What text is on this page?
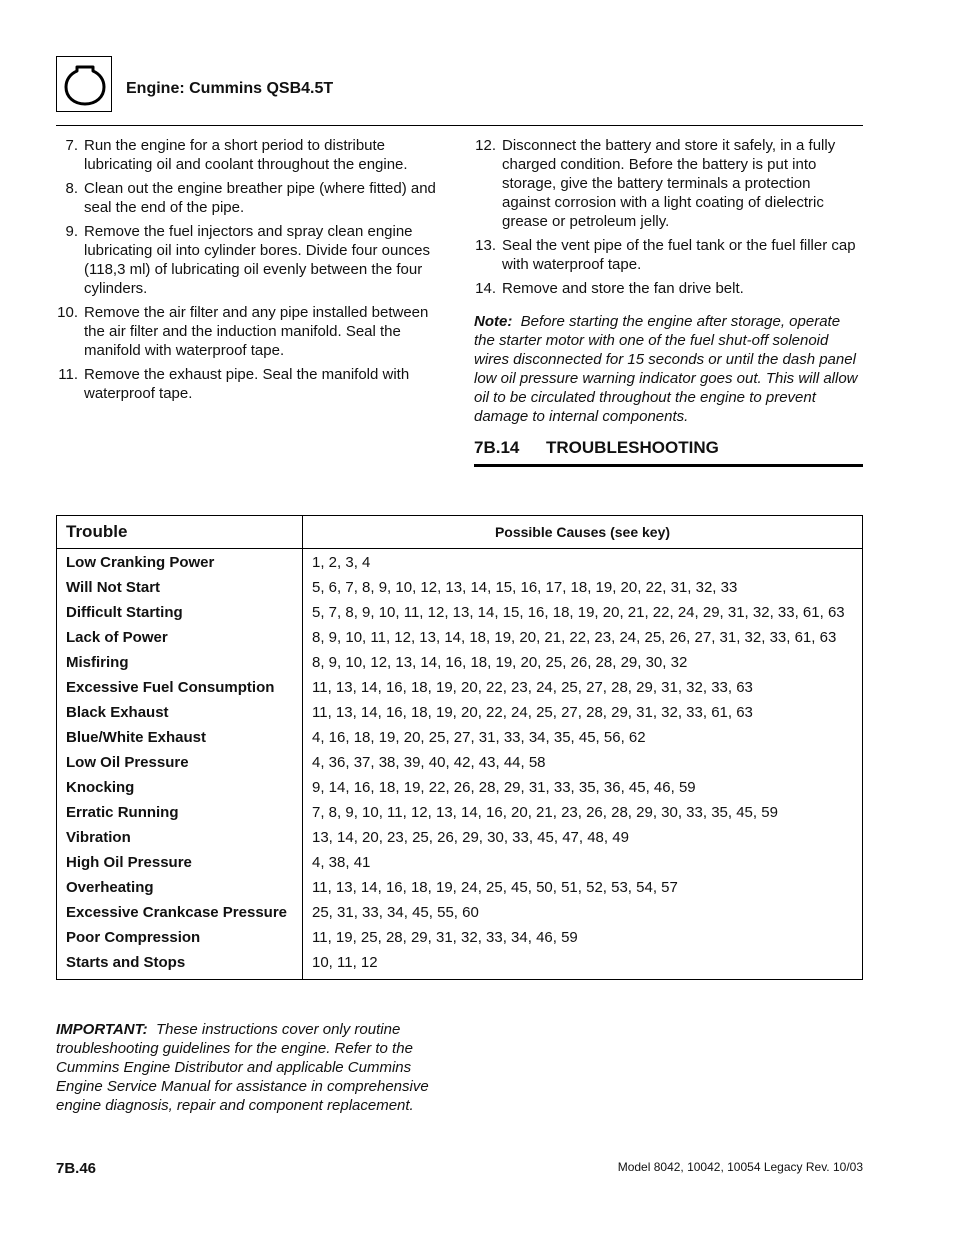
Engine: Cummins QSB4.5T
7. Run the engine for a short period to distribute lubricating oil and coolant throughout the engine.
8. Clean out the engine breather pipe (where fitted) and seal the end of the pipe.
9. Remove the fuel injectors and spray clean engine lubricating oil into cylinder bores. Divide four ounces (118,3 ml) of lubricating oil evenly between the four cylinders.
10. Remove the air filter and any pipe installed between the air filter and the induction manifold. Seal the manifold with waterproof tape.
11. Remove the exhaust pipe. Seal the manifold with waterproof tape.
12. Disconnect the battery and store it safely, in a fully charged condition. Before the battery is put into storage, give the battery terminals a protection against corrosion with a light coating of dielectric grease or petroleum jelly.
13. Seal the vent pipe of the fuel tank or the fuel filler cap with waterproof tape.
14. Remove and store the fan drive belt.
Note: Before starting the engine after storage, operate the starter motor with one of the fuel shut-off solenoid wires disconnected for 15 seconds or until the dash panel low oil pressure warning indicator goes out. This will allow oil to be circulated throughout the engine to prevent damage to internal components.
7B.14 TROUBLESHOOTING
Trouble	Possible Causes (see key)
Low Cranking Power	1, 2, 3, 4
Will Not Start	5, 6, 7, 8, 9, 10, 12, 13, 14, 15, 16, 17, 18, 19, 20, 22, 31, 32, 33
Difficult Starting	5, 7, 8, 9, 10, 11, 12, 13, 14, 15, 16, 18, 19, 20, 21, 22, 24, 29, 31, 32, 33, 61, 63
Lack of Power	8, 9, 10, 11, 12, 13, 14, 18, 19, 20, 21, 22, 23, 24, 25, 26, 27, 31, 32, 33, 61, 63
Misfiring	8, 9, 10, 12, 13, 14, 16, 18, 19, 20, 25, 26, 28, 29, 30, 32
Excessive Fuel Consumption	11, 13, 14, 16, 18, 19, 20, 22, 23, 24, 25, 27, 28, 29, 31, 32, 33, 63
Black Exhaust	11, 13, 14, 16, 18, 19, 20, 22, 24, 25, 27, 28, 29, 31, 32, 33, 61, 63
Blue/White Exhaust	4, 16, 18, 19, 20, 25, 27, 31, 33, 34, 35, 45, 56, 62
Low Oil Pressure	4, 36, 37, 38, 39, 40, 42, 43, 44, 58
Knocking	9, 14, 16, 18, 19, 22, 26, 28, 29, 31, 33, 35, 36, 45, 46, 59
Erratic Running	7, 8, 9, 10, 11, 12, 13, 14, 16, 20, 21, 23, 26, 28, 29, 30, 33, 35, 45, 59
Vibration	13, 14, 20, 23, 25, 26, 29, 30, 33, 45, 47, 48, 49
High Oil Pressure	4, 38, 41
Overheating	11, 13, 14, 16, 18, 19, 24, 25, 45, 50, 51, 52, 53, 54, 57
Excessive Crankcase Pressure	25, 31, 33, 34, 45, 55, 60
Poor Compression	11, 19, 25, 28, 29, 31, 32, 33, 34, 46, 59
Starts and Stops	10, 11, 12
IMPORTANT: These instructions cover only routine troubleshooting guidelines for the engine. Refer to the Cummins Engine Distributor and applicable Cummins Engine Service Manual for assistance in comprehensive engine diagnosis, repair and component replacement.
7B.46	Model 8042, 10042, 10054 Legacy Rev. 10/03
